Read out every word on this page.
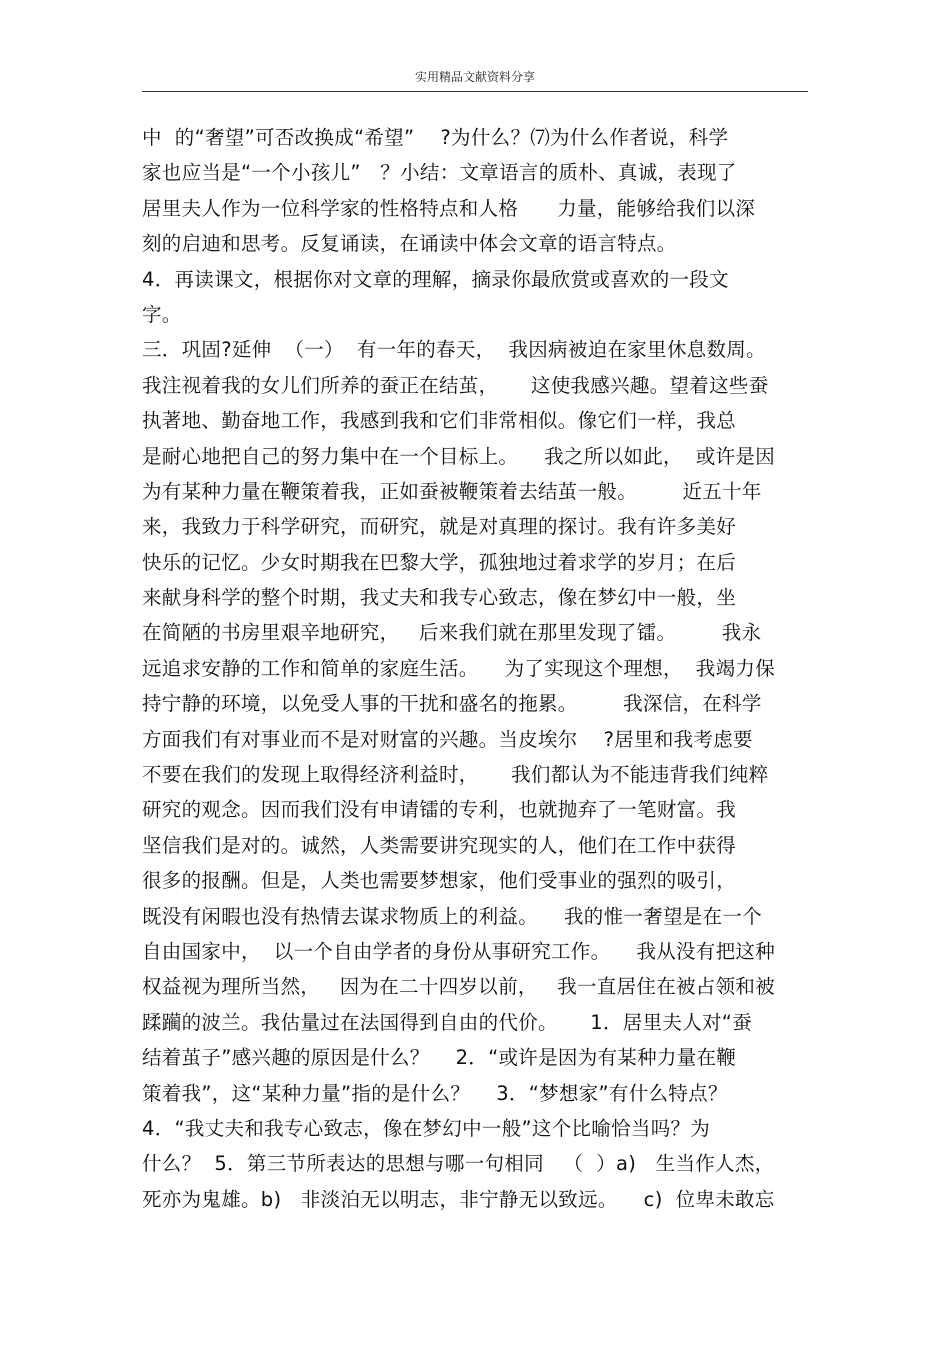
实用精品文献资料分享
中  的“奢望”可否改换成“希望”    ?为什么？⑺为什么作者说，科学
家也应当是“一个小孩儿”   ？小结：文章语言的质朴、真诚，表现了
居里夫人作为一位科学家的性格特点和人格      力量，能够给我们以深
刻的启迪和思考。反复诵读，在诵读中体会文章的语言特点。
4．再读课文，根据你对文章的理解，摘录你最欣赏或喜欢的一段文
字。
三．巩固?延伸  （一）  有一年的春天，  我因病被迫在家里休息数周。
我注视着我的女儿们所养的蚕正在结茧，     这使我感兴趣。望着这些蚕
执著地、勤奋地工作，我感到我和它们非常相似。像它们一样，我总
是耐心地把自己的努力集中在一个目标上。    我之所以如此，  或许是因
为有某种力量在鞭策着我，正如蚕被鞭策着去结茧一般。       近五十年
来，我致力于科学研究，而研究，就是对真理的探讨。我有许多美好
快乐的记忆。少女时期我在巴黎大学，孤独地过着求学的岁月；在后
来献身科学的整个时期，我丈夫和我专心致志，像在梦幻中一般，坐
在简陋的书房里艰辛地研究，   后来我们就在那里发现了镭。       我永
远追求安静的工作和简单的家庭生活。    为了实现这个理想，  我竭力保
持宁静的环境，以免受人事的干扰和盛名的拖累。       我深信，在科学
方面我们有对事业而不是对财富的兴趣。当皮埃尔    ?居里和我考虑要
不要在我们的发现上取得经济利益时，     我们都认为不能违背我们纯粹
研究的观念。因而我们没有申请镭的专利，也就抛弃了一笔财富。我
坚信我们是对的。诚然，人类需要讲究现实的人，他们在工作中获得
很多的报酬。但是，人类也需要梦想家，他们受事业的强烈的吸引，
既没有闲暇也没有热情去谋求物质上的利益。    我的惟一奢望是在一个
自由国家中，  以一个自由学者的身份从事研究工作。    我从没有把这种
权益视为理所当然，   因为在二十四岁以前，   我一直居住在被占领和被
蹂躏的波兰。我估量过在法国得到自由的代价。     1．居里夫人对“蚕
结着茧子”感兴趣的原因是什么？    2．“或许是因为有某种力量在鞭
策着我”，这“某种力量”指的是什么？    3．“梦想家”有什么特点？
4．“我丈夫和我专心致志，像在梦幻中一般”这个比喻恰当吗？为
什么？  5．第三节所表达的思想与哪一句相同   （  ）a)   生当作人杰，
死亦为鬼雄。b)   非淡泊无以明志，非宁静无以致远。    c)  位卑未敢忘
